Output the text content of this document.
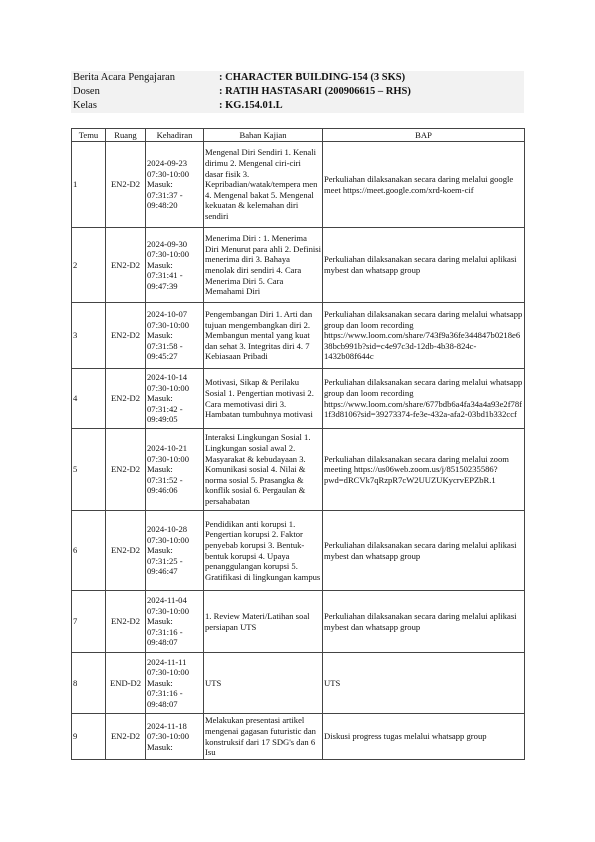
Berita Acara Pengajaran	: CHARACTER BUILDING-154 (3 SKS)
Dosen	: RATIH HASTASARI (200906615 – RHS)
Kelas	: KG.154.01.L
Temu	Ruang	Kehadiran	Bahan Kajian	BAP
1	EN2-D2	2024-09-23 07:30-10:00 Masuk: 07:31:37 - 09:48:20	Mengenal Diri Sendiri 1. Kenali dirimu 2. Mengenal ciri-ciri dasar fisik 3. Kepribadian/watak/tempera men 4. Mengenal bakat 5. Mengenal kekuatan & kelemahan diri sendiri	Perkuliahan dilaksanakan secara daring melalui google meet https://meet.google.com/xrd-koem-cif
2	EN2-D2	2024-09-30 07:30-10:00 Masuk: 07:31:41 - 09:47:39	Menerima Diri : 1. Menerima Diri Menurut para ahli 2. Definisi menerima diri 3. Bahaya menolak diri sendiri 4. Cara Menerima Diri 5. Cara Memahami Diri	Perkuliahan dilaksanakan secara daring melalui aplikasi mybest dan whatsapp group
3	EN2-D2	2024-10-07 07:30-10:00 Masuk: 07:31:58 - 09:45:27	Pengembangan Diri 1. Arti dan tujuan mengembangkan diri 2. Membangun mental yang kuat dan sehat 3. Integritas diri 4. 7 Kebiasaan Pribadi	Perkuliahan dilaksanakan secara daring melalui whatsapp group dan loom recording https://www.loom.com/share/743f9a36fe344847b0218e638bcb991b?sid=c4e97c3d-12db-4b38-824c-1432b08f644c
4	EN2-D2	2024-10-14 07:30-10:00 Masuk: 07:31:42 - 09:49:05	Motivasi, Sikap & Perilaku Sosial 1. Pengertian motivasi 2. Cara memotivasi diri 3. Hambatan tumbuhnya motivasi	Perkuliahan dilaksanakan secara daring melalui whatsapp group dan loom recording https://www.loom.com/share/677bdb6a4fa34a4a93e2f78f1f3d8106?sid=39273374-fe3e-432a-afa2-03bd1b332ccf
5	EN2-D2	2024-10-21 07:30-10:00 Masuk: 07:31:52 - 09:46:06	Interaksi Lingkungan Sosial 1. Lingkungan sosial awal 2. Masyarakat & kebudayaan 3. Komunikasi sosial 4. Nilai & norma sosial 5. Prasangka & konflik sosial 6. Pergaulan & persahabatan	Perkuliahan dilaksanakan secara daring melalui zoom meeting https://us06web.zoom.us/j/85150235586?pwd=dRCVk7qRzpR7cW2UUZUKycrvEPZbR.1
6	EN2-D2	2024-10-28 07:30-10:00 Masuk: 07:31:25 - 09:46:47	Pendidikan anti korupsi 1. Pengertian korupsi 2. Faktor penyebab korupsi 3. Bentuk-bentuk korupsi 4. Upaya penanggulangan korupsi 5. Gratifikasi di lingkungan kampus	Perkuliahan dilaksanakan secara daring melalui aplikasi mybest dan whatsapp group
7	EN2-D2	2024-11-04 07:30-10:00 Masuk: 07:31:16 - 09:48:07	1. Review Materi/Latihan soal persiapan UTS	Perkuliahan dilaksanakan secara daring melalui aplikasi mybest dan whatsapp group
8	END-D2	2024-11-11 07:30-10:00 Masuk: 07:31:16 - 09:48:07	UTS	UTS
9	EN2-D2	2024-11-18 07:30-10:00 Masuk:	Melakukan presentasi artikel mengenai gagasan futuristic dan konstruksif dari 17 SDG's dan 6 Isu	Diskusi progress tugas melalui whatsapp group
